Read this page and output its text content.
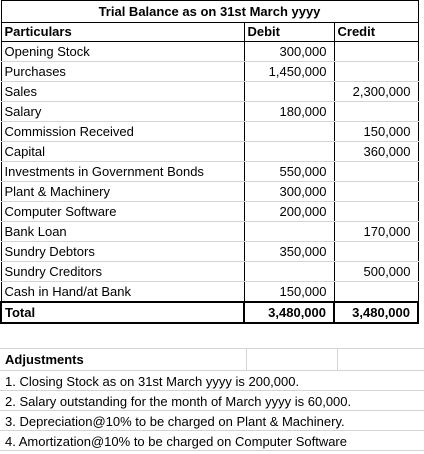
Trial Balance as on 31st March yyyy		
Particulars	Debit	Credit
Opening Stock	300,000	
Purchases	1,450,000	
Sales		2,300,000
Salary	180,000	
Commission Received		150,000
Capital		360,000
Investments in Government Bonds	550,000	
Plant & Machinery	300,000	
Computer Software	200,000	
Bank Loan		170,000
Sundry Debtors	350,000	
Sundry Creditors		500,000
Cash in Hand/at Bank	150,000	
Total	3,480,000	3,480,000
Adjustments
1. Closing Stock as on 31st March yyyy is 200,000.
2. Salary outstanding for the month of March yyyy is 60,000.
3. Depreciation@10% to be charged on Plant & Machinery.
4. Amortization@10% to be charged on Computer Software
